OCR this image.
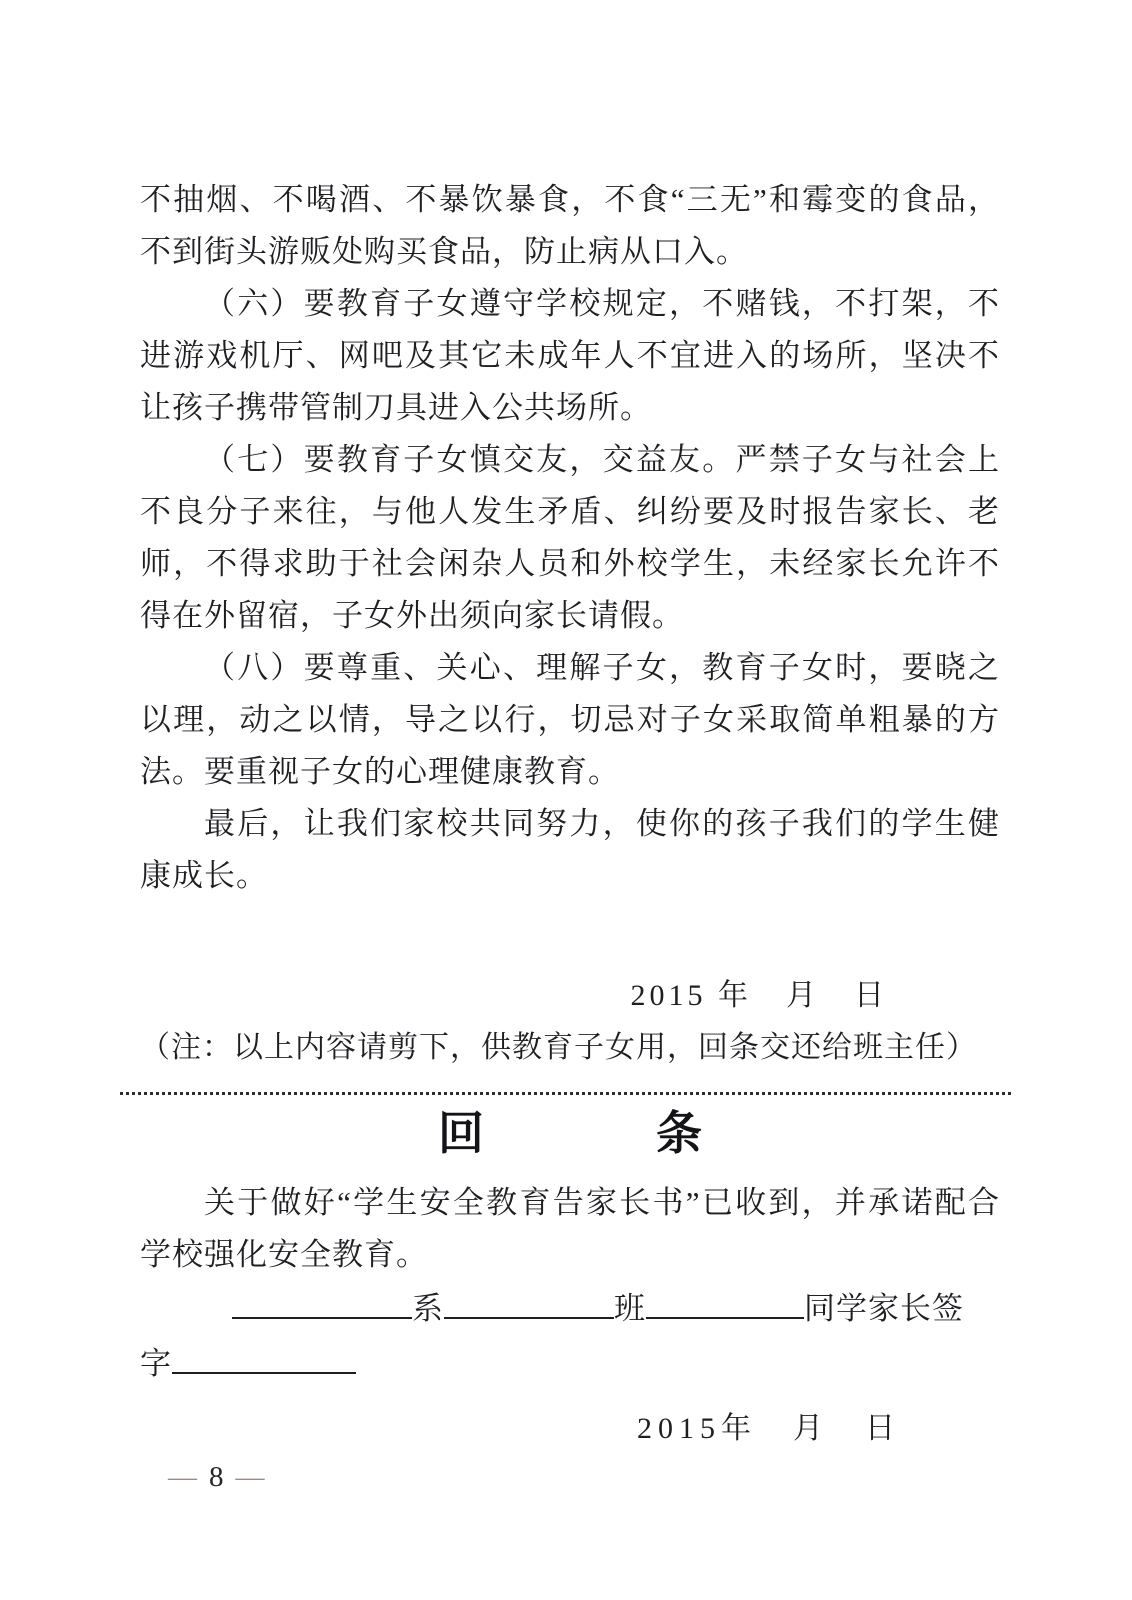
不抽烟、不喝酒、不暴饮暴食，不食“三无”和霉变的食品，不到街头游贩处购买食品，防止病从口入。
（六）要教育子女遵守学校规定，不赌钱，不打架，不进游戏机厅、网吧及其它未成年人不宜进入的场所，坚决不让孩子携带管制刀具进入公共场所。
（七）要教育子女慎交友，交益友。严禁子女与社会上不良分子来往，与他人发生矛盾、纠纷要及时报告家长、老师，不得求助于社会闲杂人员和外校学生，未经家长允许不得在外留宿，子女外出须向家长请假。
（八）要尊重、关心、理解子女，教育子女时，要晓之以理，动之以情，导之以行，切忌对子女采取简单粗暴的方法。要重视子女的心理健康教育。
最后，让我们家校共同努力，使你的孩子我们的学生健康成长。
2015 年　月　日
（注：以上内容请剪下，供教育子女用，回条交还给班主任）
回	条
关于做好“学生安全教育告家长书”已收到，并承诺配合学校强化安全教育。
系	班	同学家长签
字
2015年　月　日
— 8 —
